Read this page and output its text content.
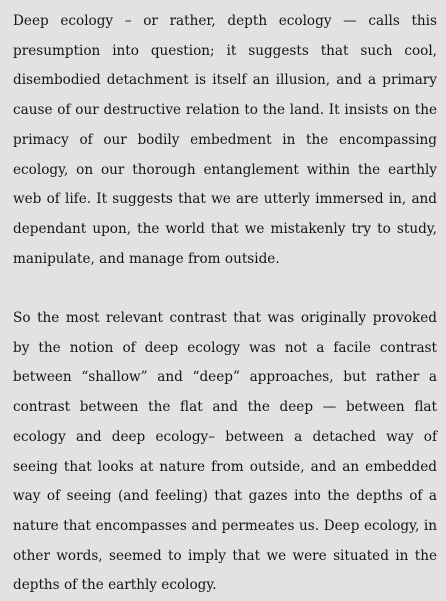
Deep ecology – or rather, depth ecology — calls this presumption into question; it suggests that such cool, disembodied detachment is itself an illusion, and a primary cause of our destructive relation to the land. It insists on the primacy of our bodily embedment in the encompassing ecology, on our thorough entanglement within the earthly web of life. It suggests that we are utterly immersed in, and dependant upon, the world that we mistakenly try to study, manipulate, and manage from outside.

So the most relevant contrast that was originally provoked by the notion of deep ecology was not a facile contrast between “shallow” and “deep” approaches, but rather a contrast between the flat and the deep — between flat ecology and deep ecology– between a detached way of seeing that looks at nature from outside, and an embedded way of seeing (and feeling) that gazes into the depths of a nature that encompasses and permeates us. Deep ecology, in other words, seemed to imply that we were situated in the depths of the earthly ecology.
